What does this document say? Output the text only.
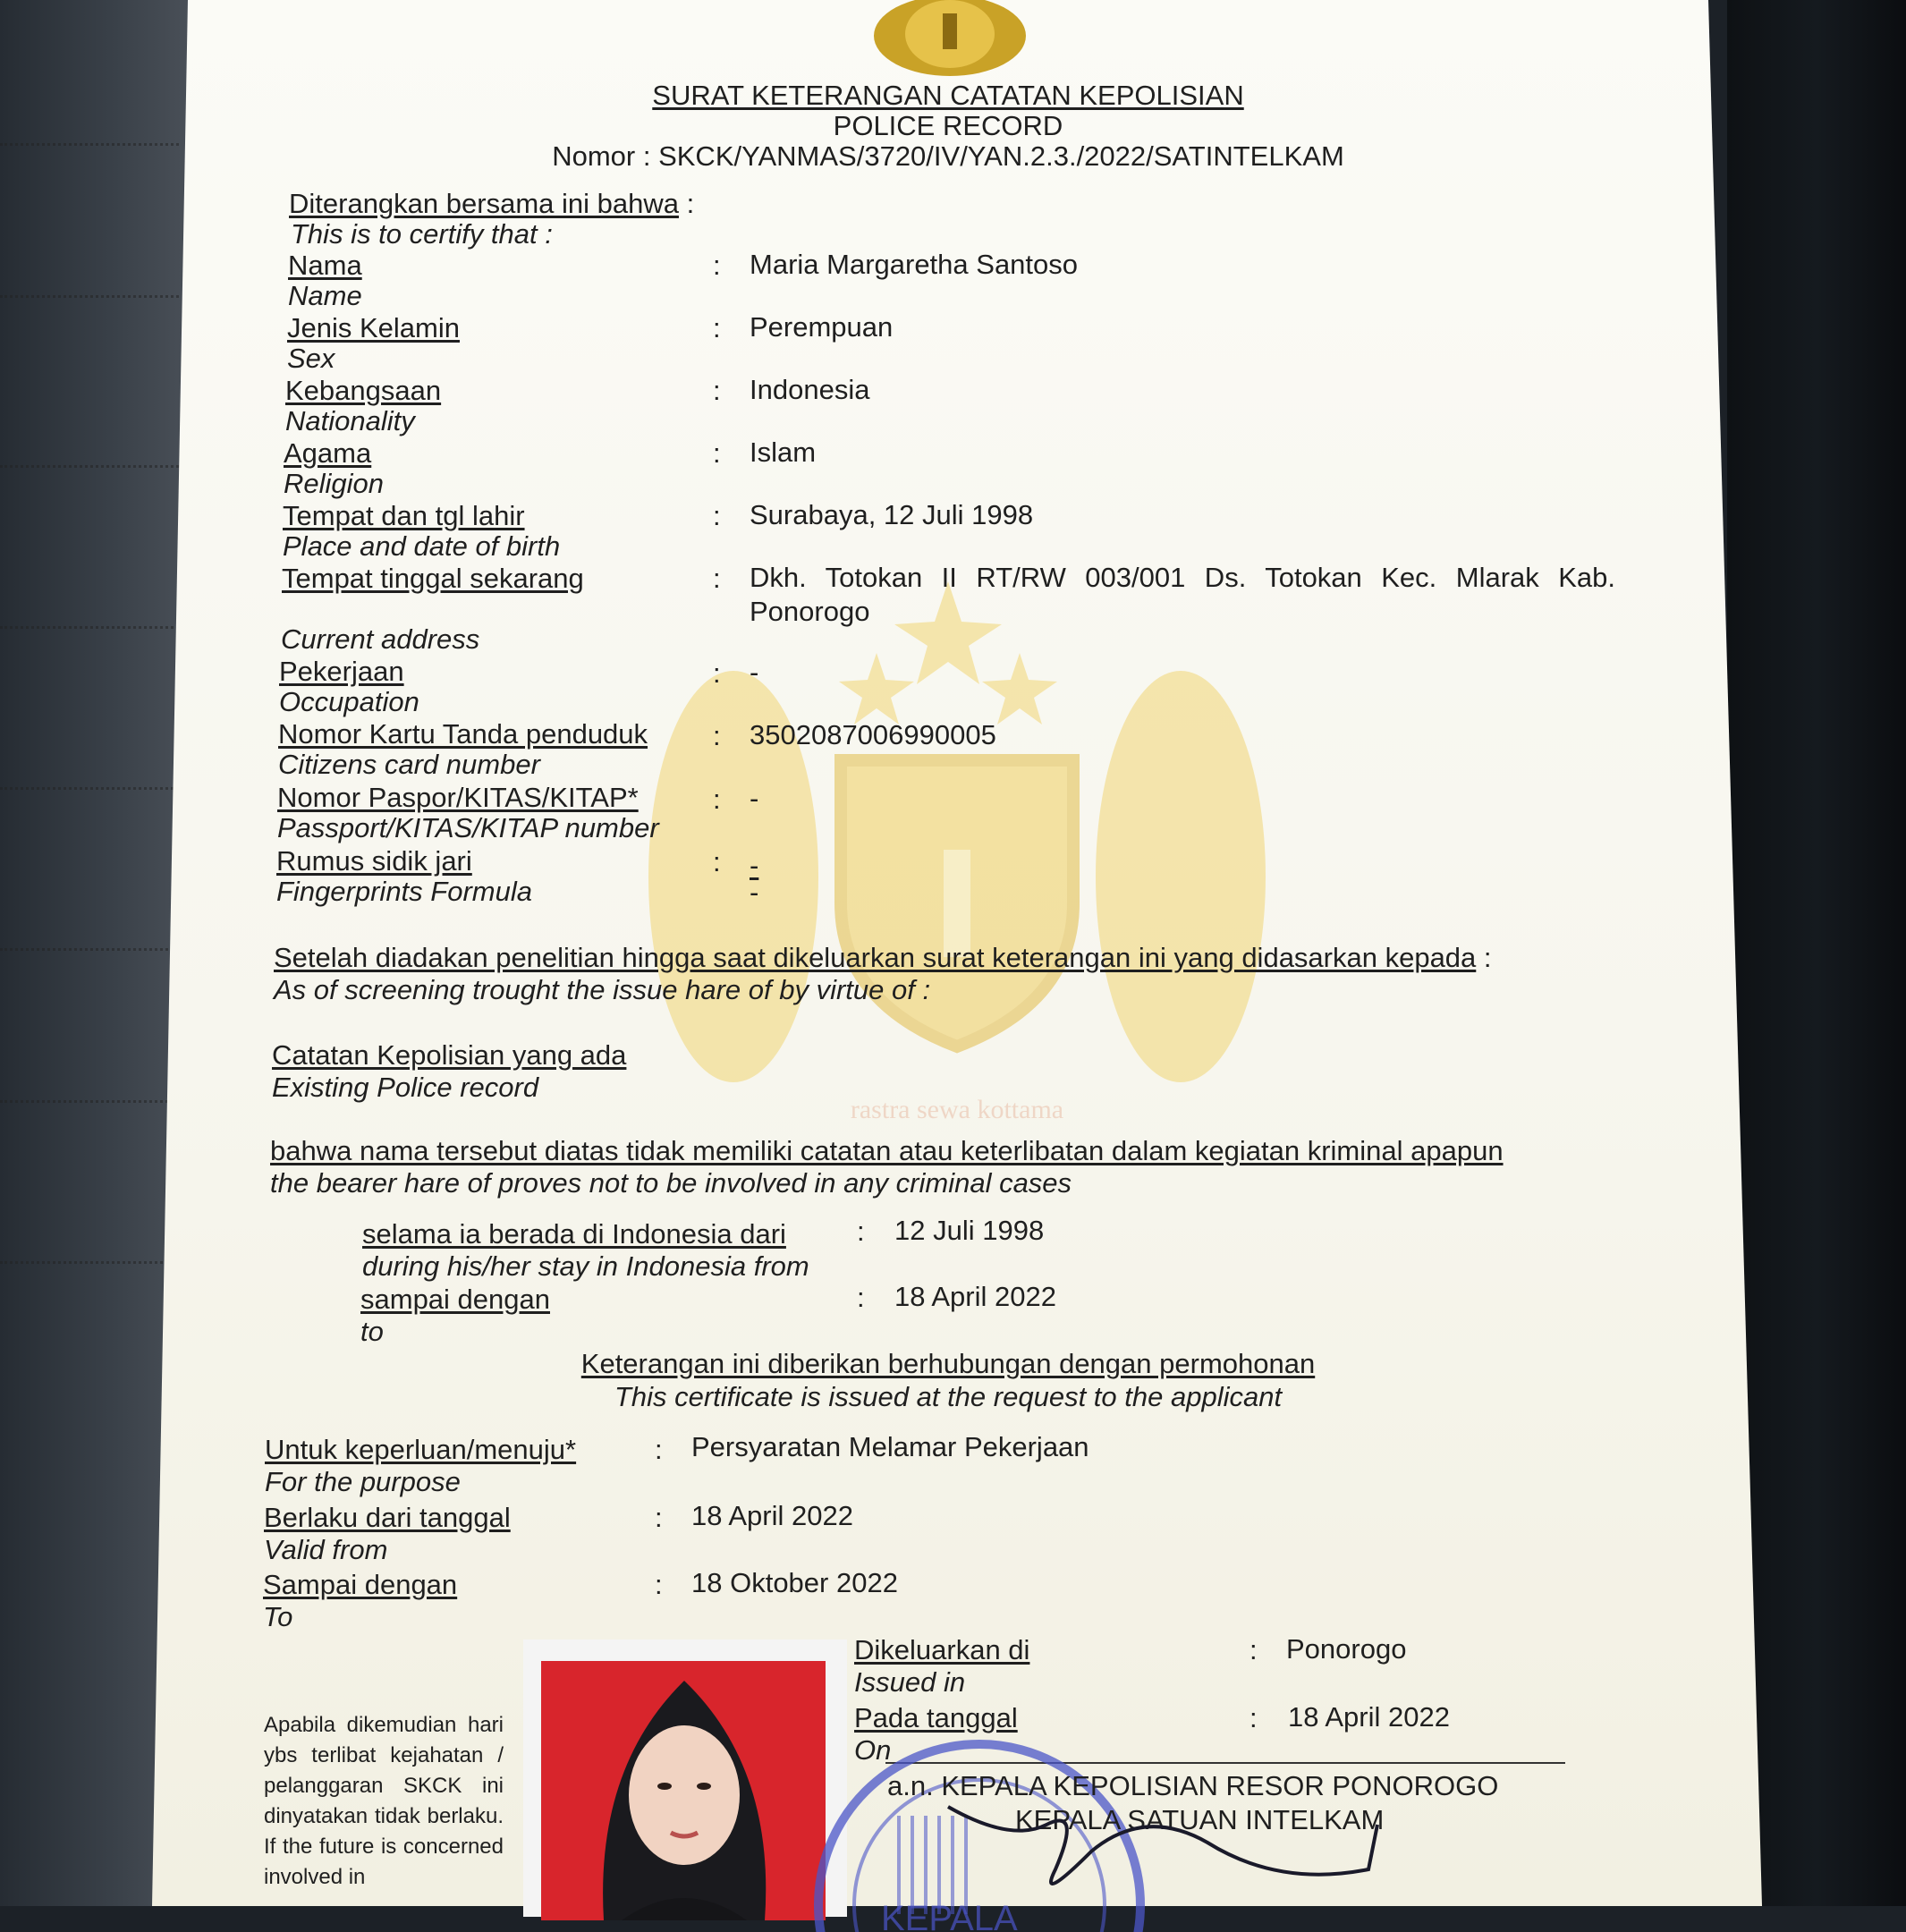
rastra sewa kottama
SURAT KETERANGAN CATATAN KEPOLISIAN
POLICE RECORD
Nomor : SKCK/YANMAS/3720/IV/YAN.2.3./2022/SATINTELKAM
Diterangkan bersama ini bahwa :
This is to certify that :
Nama
Name
: Maria Margaretha Santoso
Jenis Kelamin
Sex
: Perempuan
Kebangsaan
Nationality
: Indonesia
Agama
Religion
: Islam
Tempat dan tgl lahir
Place and date of birth
: Surabaya, 12 Juli 1998
Tempat tinggal sekarang	: Dkh. Totokan II RT/RW 003/001 Ds. Totokan Kec. Mlarak Kab. Ponorogo
Current address
Pekerjaan
Occupation
: -
Nomor Kartu Tanda penduduk
Citizens card number
: 3502087006990005
Nomor Paspor/KITAS/KITAP*
Passport/KITAS/KITAP number
: -
Rumus sidik jari
Fingerprints Formula
: -
-
Setelah diadakan penelitian hingga saat dikeluarkan surat keterangan ini yang didasarkan kepada :
As of screening trought the issue hare of by virtue of :
Catatan Kepolisian yang ada
Existing Police record
bahwa nama tersebut diatas tidak memiliki catatan atau keterlibatan dalam kegiatan kriminal apapun
the bearer hare of proves not to be involved in any criminal cases
selama ia berada di Indonesia dari
during his/her stay in Indonesia from
: 12 Juli 1998
sampai dengan
to
: 18 April 2022
Keterangan ini diberikan berhubungan dengan permohonan
This certificate is issued at the request to the applicant
Untuk keperluan/menuju*
For the purpose
: Persyaratan Melamar Pekerjaan
Berlaku dari tanggal
Valid from
: 18 April 2022
Sampai dengan
To
: 18 Oktober 2022
Apabila dikemudian hari ybs terlibat kejahatan / pelanggaran SKCK ini dinyatakan tidak berlaku. If the future is concerned involved in
Dikeluarkan di
Issued in
: Ponorogo
Pada tanggal
On
: 18 April 2022
KEPALA
a.n. KEPALA KEPOLISIAN RESOR PONOROGO
KEPALA SATUAN INTELKAM
